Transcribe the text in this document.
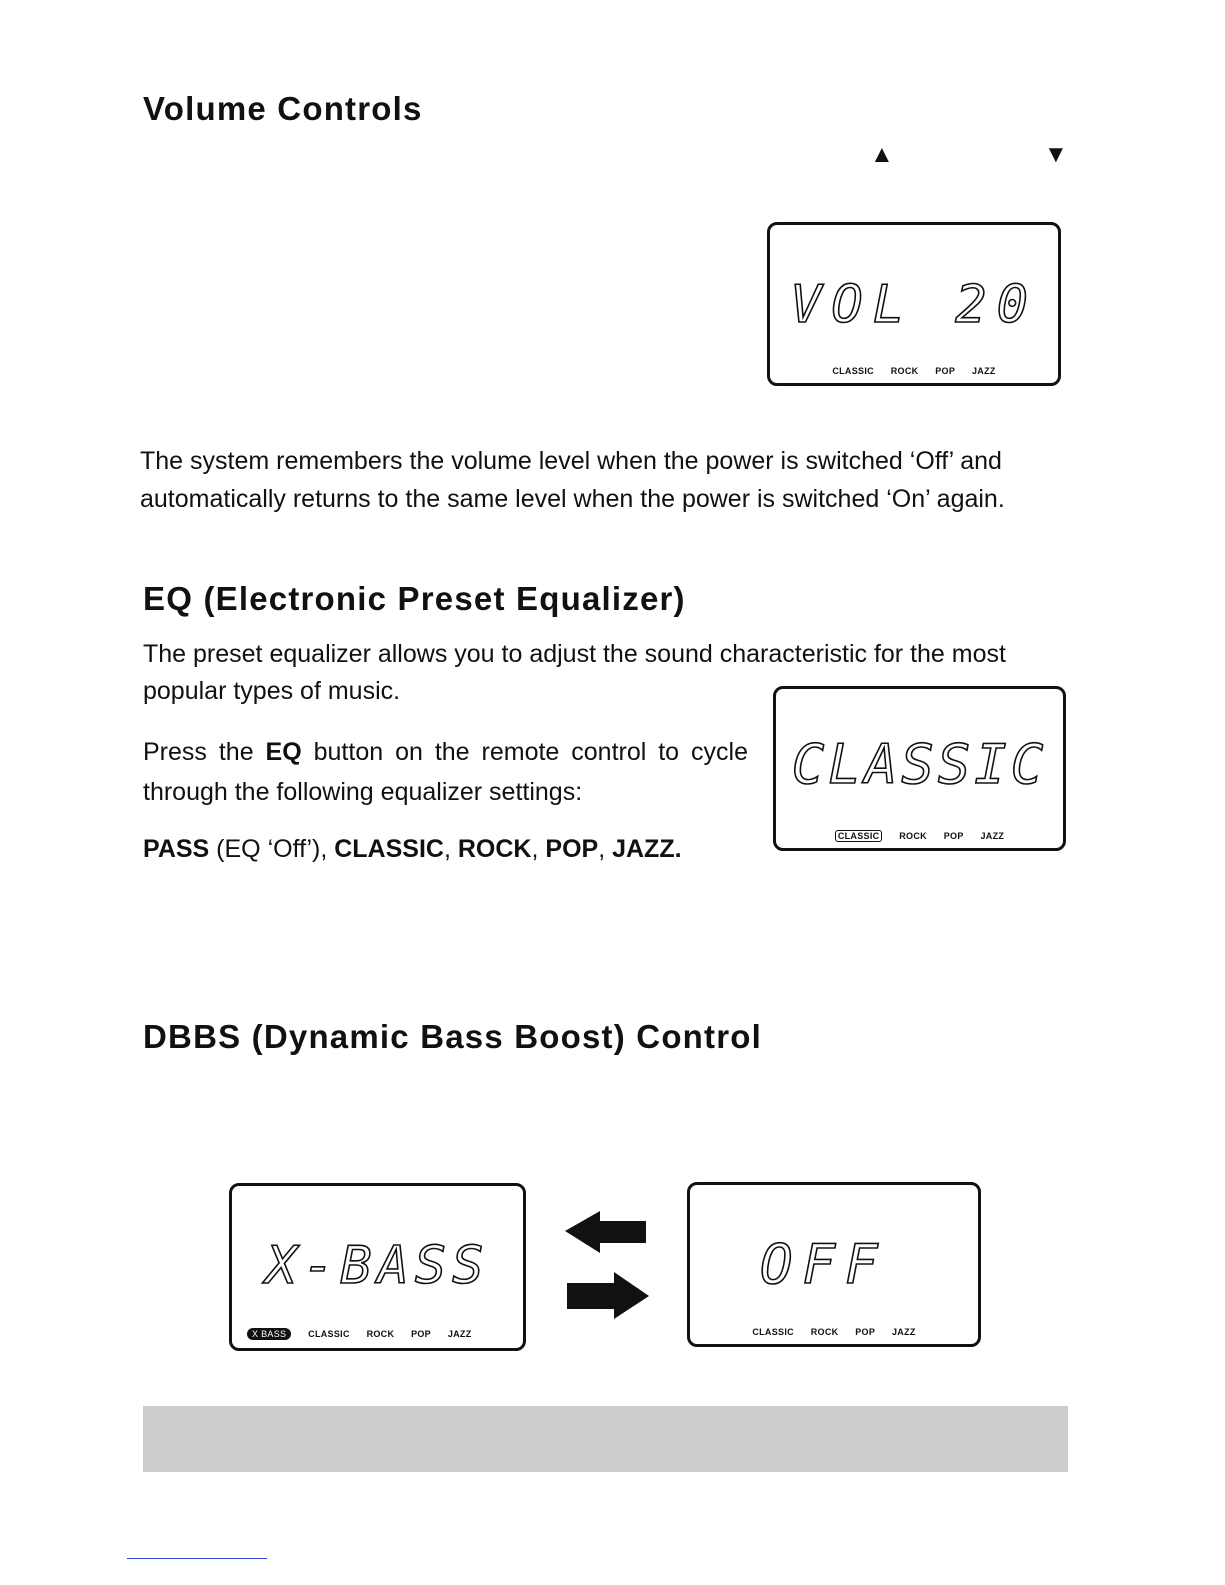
Volume Controls
▲	▼
VOL 20
CLASSIC ROCK POP JAZZ

The system remembers the volume level when the power is switched ‘Off’ and automatically returns to the same level when the power is switched ‘On’ again.

EQ (Electronic Preset Equalizer)

The preset equalizer allows you to adjust the sound characteristic for the most popular types of music.

Press the EQ button on the remote control to cycle through the following equalizer settings:

PASS (EQ ‘Off’), CLASSIC, ROCK, POP, JAZZ.

CLASSIC
CLASSIC ROCK POP JAZZ
DBBS (Dynamic Bass Boost) Control
X-BASS
X BASS CLASSIC ROCK POP JAZZ
OFF
CLASSIC ROCK POP JAZZ
